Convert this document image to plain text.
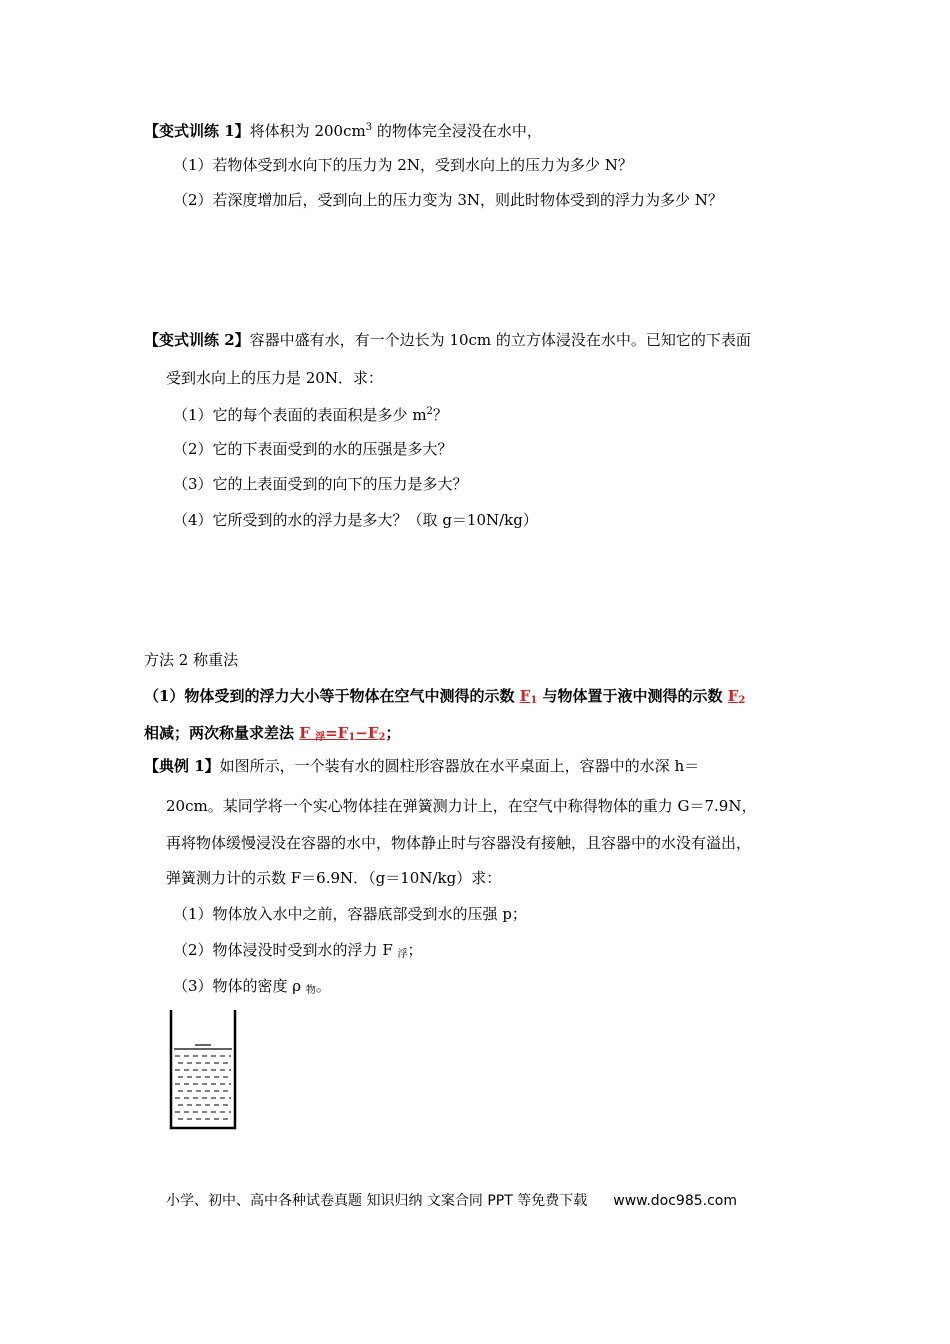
【变式训练 1】将体积为 $200cm^3$ 的物体完全浸没在水中，
（1）若物体受到水向下的压力为 2N，受到水向上的压力为多少 N？
（2）若深度增加后，受到向上的压力变为 3N，则此时物体受到的浮力为多少 N？
【变式训练 2】容器中盛有水，有一个边长为 10cm 的立方体浸没在水中。已知它的下表面
受到水向上的压力是 20N．求：
（1）它的每个表面的表面积是多少 $m^2$？
（2）它的下表面受到的水的压强是多大？
（3）它的上表面受到的向下的压力是多大？
（4）它所受到的水的浮力是多大？（取 g＝10N/kg）
方法 2 称重法
（1）物体受到的浮力大小等于物体在空气中测得的示数 $F_1$ 与物体置于液中测得的示数 $F_2$
相减；两次称量求差法 F $_浮=F_1-F_2$；
【典例 1】如图所示，一个装有水的圆柱形容器放在水平桌面上，容器中的水深 h＝
20cm。某同学将一个实心物体挂在弹簧测力计上，在空气中称得物体的重力 G＝7.9N，
再将物体缓慢浸没在容器的水中，物体静止时与容器没有接触，且容器中的水没有溢出，
弹簧测力计的示数 F＝6.9N．（g＝10N/kg）求：
（1）物体放入水中之前，容器底部受到水的压强 p；
（2）物体浸没时受到水的浮力 F $_浮$；
（3）物体的密度 ρ $_物$。
小学、初中、高中各种试卷真题 知识归纳 文案合同 PPT 等免费下载 www.doc985.com
